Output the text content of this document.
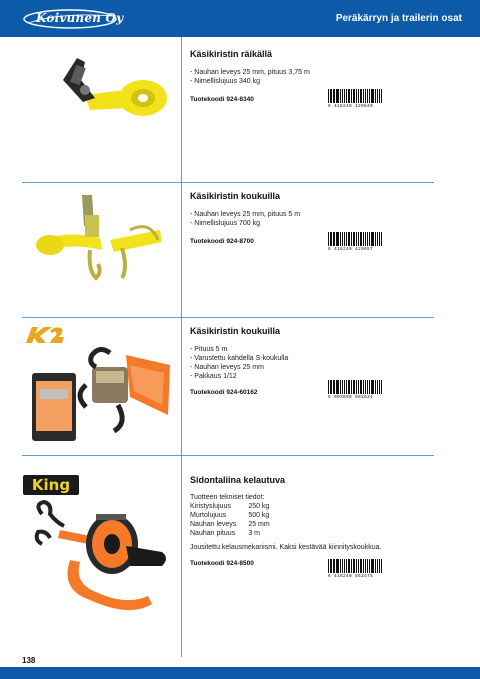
Koivunen Oy	Peräkärryn ja trailerin osat
Käsikiristin räikällä
- Nauhan leveys 25 mm, pituus 3,75 m
- Nimellislujuus 340 kg
Tuotekoodi 924-8340
6 416240 429640
Käsikiristin koukuilla
- Nauhan leveys 25 mm, pituus 5 m
- Nimellislujuus 700 kg
Tuotekoodi 924-8700
6 416240 429657
Käsikiristin koukuilla
- Pituus 5 m
- Varustettu kahdella S-koukulla
- Nauhan leveys 25 mm
- Pakkaus 1/12
Tuotekoodi 924-60162
5 003690 601624
King	Sidontaliina kelautuva
Tuotteen tekniset tiedot:
Kiristyslujuus	250 kg
Murtolujuus	500 kg
Nauhan leveys	25 mm
Nauhan pituus	3 m
Jousitettu kelausmekanismi. Kaksi kestävää kiinnityskoukkua.
Tuotekoodi 924-8500
6 416240 863475
138
